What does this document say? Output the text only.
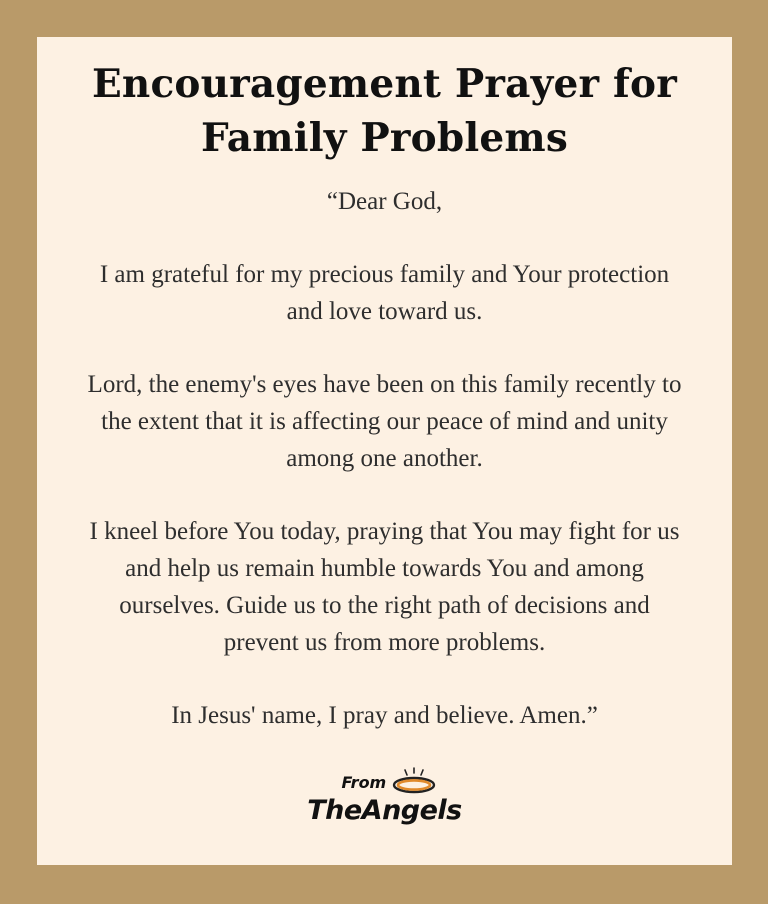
Encouragement Prayer for
Family Problems

“Dear God,

I am grateful for my precious family and Your protection
and love toward us.

Lord, the enemy's eyes have been on this family recently to
the extent that it is affecting our peace of mind and unity
among one another.

I kneel before You today, praying that You may fight for us
and help us remain humble towards You and among
ourselves. Guide us to the right path of decisions and
prevent us from more problems.

In Jesus' name, I pray and believe. Amen.”

From
TheAngels
